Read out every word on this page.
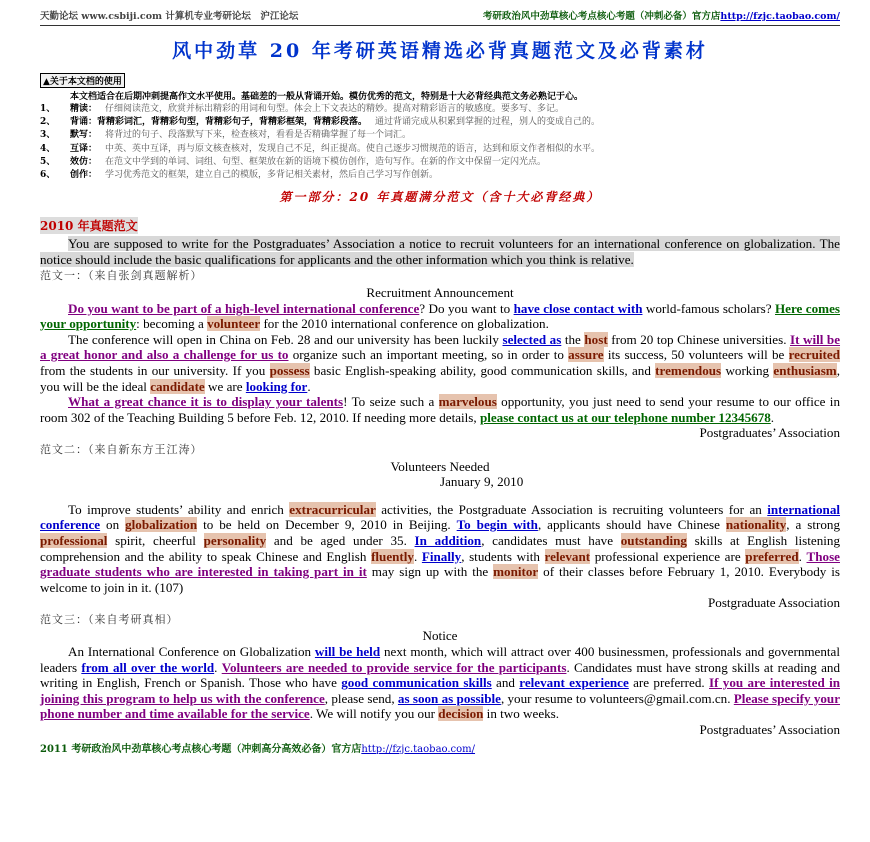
天勤论坛 www.csbiji.com 计算机专业考研论坛　沪江论坛	考研政治风中劲草核心考点核心考题（冲刺必备）官方店http://fzjc.taobao.com/
风中劲草 20 年考研英语精选必背真题范文及必背素材
▲关于本文档的使用
本文档适合在后期冲刺提高作文水平使用。基础差的一般从背诵开始。模仿优秀的范文，特别是十大必背经典范文务必熟记于心。
1、	精读： 仔细阅读范文，欣赏并标出精彩的用词和句型。体会上下文表达的精妙。提高对精彩语言的敏感度。要多写、多记。
2、	背诵：背精彩词汇，背精彩句型，背精彩句子，背精彩框架，背精彩段落。 通过背诵完成从积累到掌握的过程，别人的变成自己的。
3、	默写： 将背过的句子、段落默写下来，检查核对，看看是否精确掌握了每一个词汇。
4、	互译： 中英、英中互译，再与原文核查核对，发现自己不足，纠正提高。使自己逐步习惯规范的语言，达到和原文作者相似的水平。
5、	效仿： 在范文中学到的单词、词组、句型、框架放在新的语境下模仿创作，造句写作。在新的作文中保留一定闪光点。
6、	创作： 学习优秀范文的框架，建立自己的模版，多背记相关素材，然后自己学习写作创新。
第一部分：20 年真题满分范文（含十大必背经典）
2010 年真题范文

You are supposed to write for the Postgraduates’ Association a notice to recruit volunteers for an international conference on globalization. The notice should include the basic qualifications for applicants and the other information which you think is relative.

范文一：（来自张剑真题解析）

Recruitment Announcement

Do you want to be part of a high-level international conference? Do you want to have close contact with world-famous scholars? Here comes your opportunity: becoming a volunteer for the 2010 international conference on globalization.

The conference will open in China on Feb. 28 and our university has been luckily selected as the host from 20 top Chinese universities. It will be a great honor and also a challenge for us to organize such an important meeting, so in order to assure its success, 50 volunteers will be recruited from the students in our university. If you possess basic English-speaking ability, good communication skills, and tremendous working enthusiasm, you will be the ideal candidate we are looking for.

What a great chance it is to display your talents! To seize such a marvelous opportunity, you just need to send your resume to our office in room 302 of the Teaching Building 5 before Feb. 12, 2010. If needing more details, please contact us at our telephone number 12345678.

Postgraduates’ Association

范文二：（来自新东方王江涛）

Volunteers Needed

January 9, 2010

To improve students’ ability and enrich extracurricular activities, the Postgraduate Association is recruiting volunteers for an international conference on globalization to be held on December 9, 2010 in Beijing. To begin with, applicants should have Chinese nationality, a strong professional spirit, cheerful personality and be aged under 35. In addition, candidates must have outstanding skills at English listening comprehension and the ability to speak Chinese and English fluently. Finally, students with relevant professional experience are preferred. Those graduate students who are interested in taking part in it may sign up with the monitor of their classes before February 1, 2010. Everybody is welcome to join in it. (107)

Postgraduate Association

范文三：（来自考研真相）

Notice

An International Conference on Globalization will be held next month, which will attract over 400 businessmen, professionals and governmental leaders from all over the world. Volunteers are needed to provide service for the participants. Candidates must have strong skills at reading and writing in English, French or Spanish. Those who have good communication skills and relevant experience are preferred. If you are interested in joining this program to help us with the conference, please send, as soon as possible, your resume to volunteers@gmail.com.cn. Please specify your phone number and time available for the service. We will notify you our decision in two weeks.

Postgraduates’ Association

2011 考研政治风中劲草核心考点核心考题（冲刺高分高效必备）官方店http://fzjc.taobao.com/
